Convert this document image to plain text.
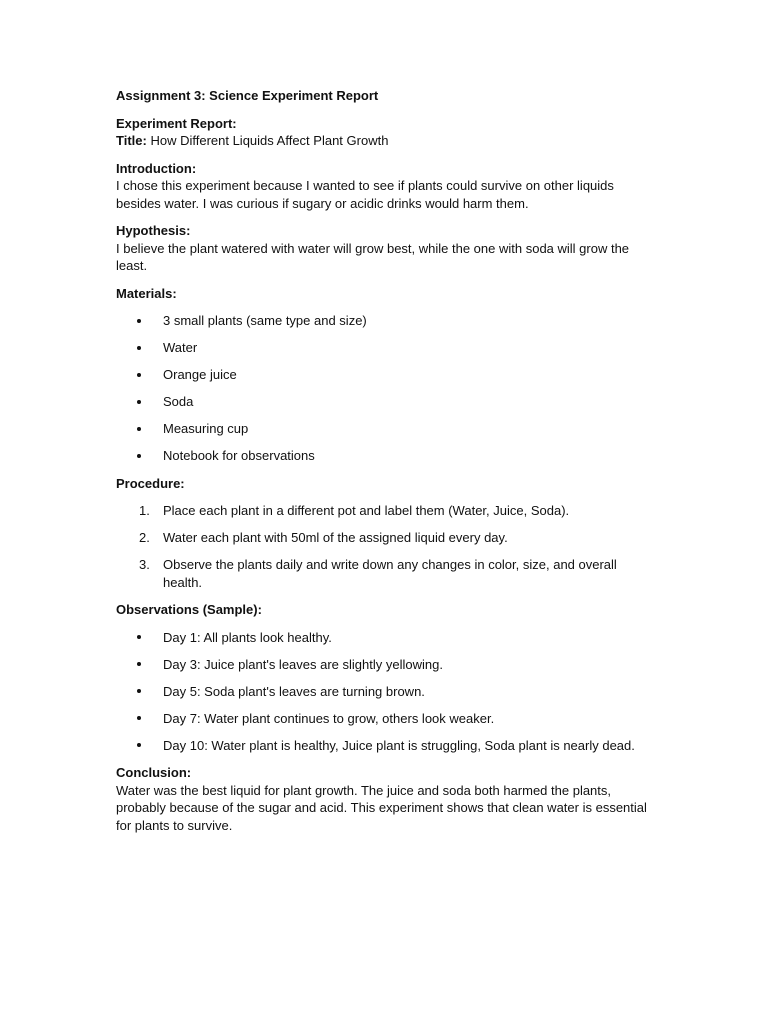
Assignment 3: Science Experiment Report
Experiment Report:

Title: How Different Liquids Affect Plant Growth

Introduction:

I chose this experiment because I wanted to see if plants could survive on other liquids besides water. I was curious if sugary or acidic drinks would harm them.

Hypothesis:

I believe the plant watered with water will grow best, while the one with soda will grow the least.

Materials:
3 small plants (same type and size)
Water
Orange juice
Soda
Measuring cup
Notebook for observations
Procedure:
1. Place each plant in a different pot and label them (Water, Juice, Soda).
2. Water each plant with 50ml of the assigned liquid every day.
3. Observe the plants daily and write down any changes in color, size, and overall health.
Observations (Sample):
Day 1: All plants look healthy.
Day 3: Juice plant's leaves are slightly yellowing.
Day 5: Soda plant's leaves are turning brown.
Day 7: Water plant continues to grow, others look weaker.
Day 10: Water plant is healthy, Juice plant is struggling, Soda plant is nearly dead.
Conclusion:

Water was the best liquid for plant growth. The juice and soda both harmed the plants, probably because of the sugar and acid. This experiment shows that clean water is essential for plants to survive.
